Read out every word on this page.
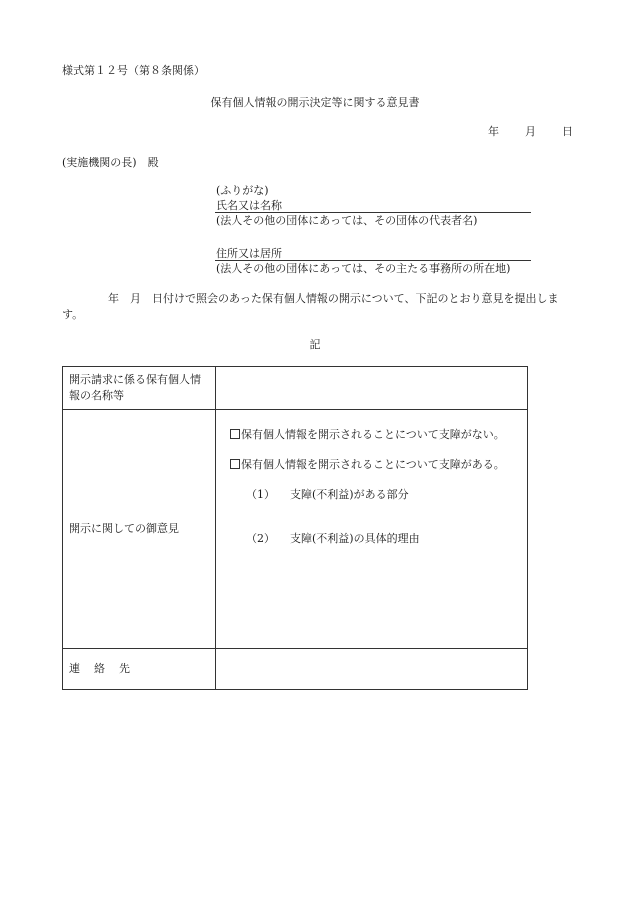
様式第１２号（第８条関係）
保有個人情報の開示決定等に関する意見書
年 月 日
(実施機関の長)　殿
(ふりがな)
氏名又は名称
(法人その他の団体にあっては、その団体の代表者名)
住所又は居所
(法人その他の団体にあっては、その主たる事務所の所在地)
年　月　日付けで照会のあった保有個人情報の開示について、下記のとおり意見を提出します。
記
開示請求に係る保有個人情報の名称等	
開示に関しての御意見	保有個人情報を開示されることについて支障がない。
保有個人情報を開示されることについて支障がある。
（1） 支障(不利益)がある部分
（2） 支障(不利益)の具体的理由

連 絡 先	
